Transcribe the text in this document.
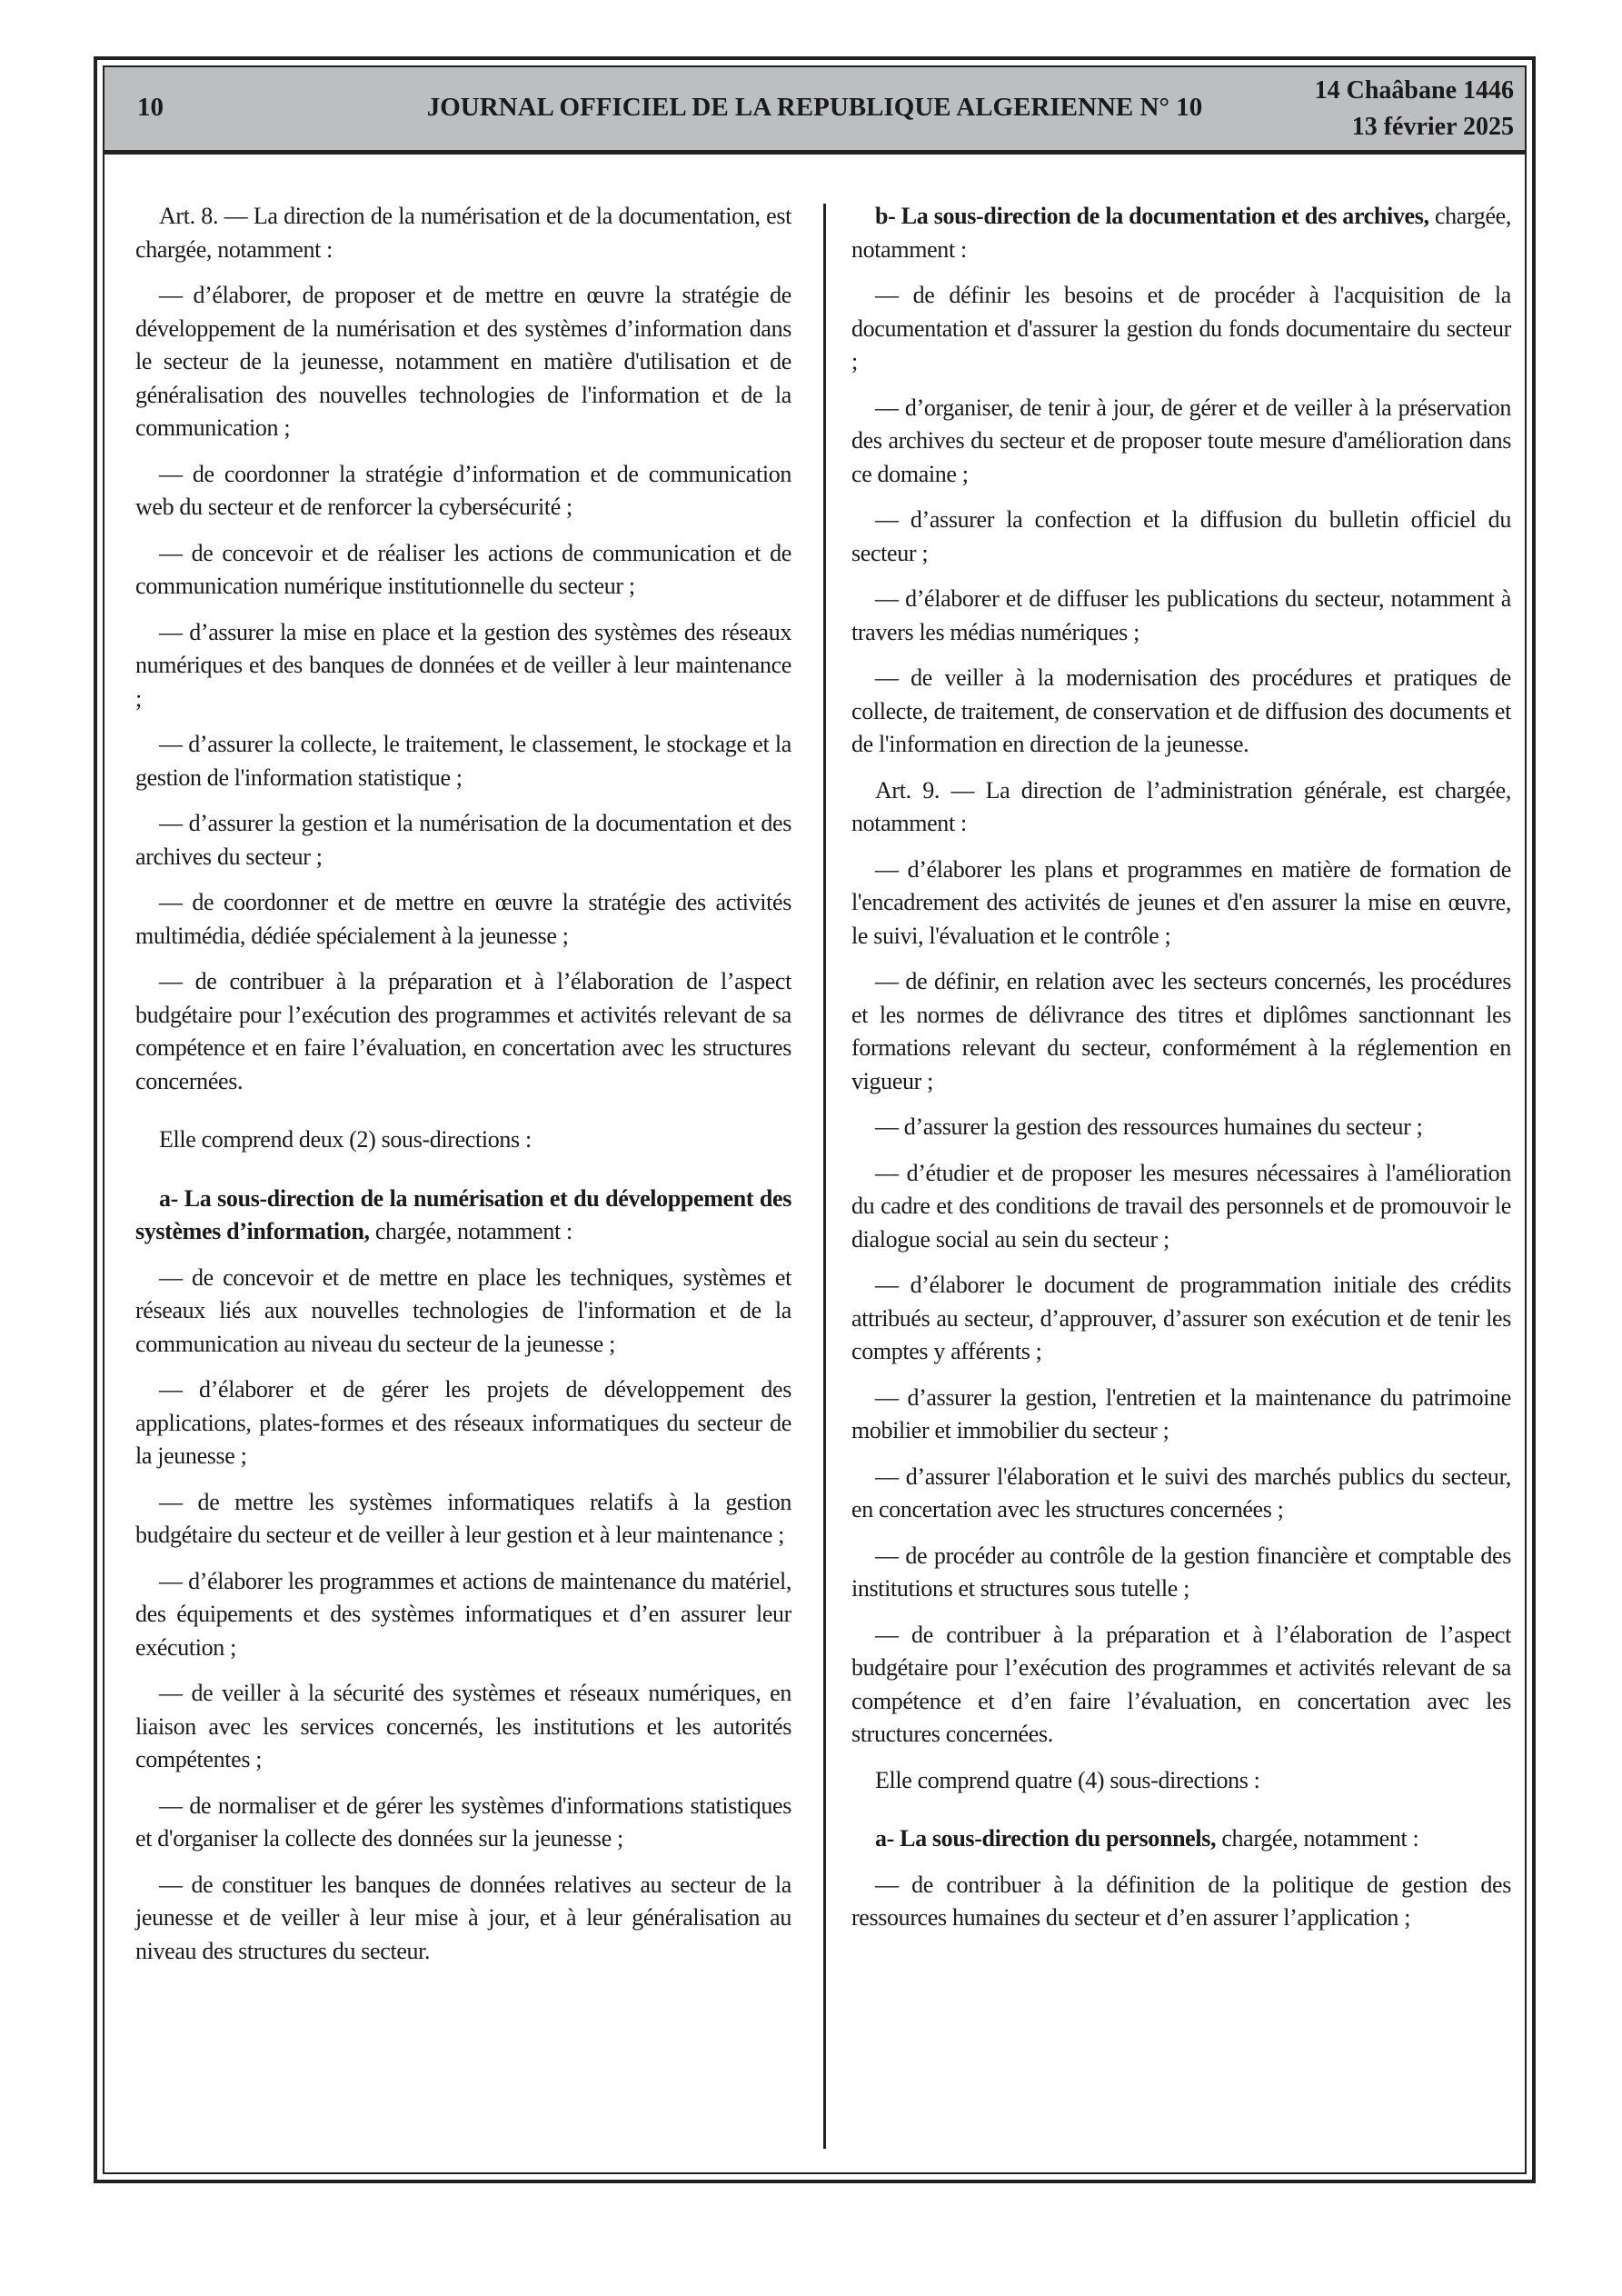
10	JOURNAL OFFICIEL DE LA REPUBLIQUE ALGERIENNE N° 10
14 Chaâbane 1446
13 février 2025

Art. 8. — La direction de la numérisation et de la documentation, est chargée, notamment :

— d’élaborer, de proposer et de mettre en œuvre la stratégie de développement de la numérisation et des systèmes d’information dans le secteur de la jeunesse, notamment en matière d'utilisation et de généralisation des nouvelles technologies de l'information et de la communication ;

— de coordonner la stratégie d’information et de communication web du secteur et de renforcer la cybersécurité ;

— de concevoir et de réaliser les actions de communication et de communication numérique institutionnelle du secteur ;

— d’assurer la mise en place et la gestion des systèmes des réseaux numériques et des banques de données et de veiller à leur maintenance ;

— d’assurer la collecte, le traitement, le classement, le stockage et la gestion de l'information statistique ;

— d’assurer la gestion et la numérisation de la documentation et des archives du secteur ;

— de coordonner et de mettre en œuvre la stratégie des activités multimédia, dédiée spécialement à la jeunesse ;

— de contribuer à la préparation et à l’élaboration de l’aspect budgétaire pour l’exécution des programmes et activités relevant de sa compétence et en faire l’évaluation, en concertation avec les structures concernées.

Elle comprend deux (2) sous-directions :

a- La sous-direction de la numérisation et du développement des systèmes d’information, chargée, notamment :

— de concevoir et de mettre en place les techniques, systèmes et réseaux liés aux nouvelles technologies de l'information et de la communication au niveau du secteur de la jeunesse ;

— d’élaborer et de gérer les projets de développement des applications, plates-formes et des réseaux informatiques du secteur de la jeunesse ;

— de mettre les systèmes informatiques relatifs à la gestion budgétaire du secteur et de veiller à leur gestion et à leur maintenance ;

— d’élaborer les programmes et actions de maintenance du matériel, des équipements et des systèmes informatiques et d’en assurer leur exécution ;

— de veiller à la sécurité des systèmes et réseaux numériques, en liaison avec les services concernés, les institutions et les autorités compétentes ;

— de normaliser et de gérer les systèmes d'informations statistiques et d'organiser la collecte des données sur la jeunesse ;

— de constituer les banques de données relatives au secteur de la jeunesse et de veiller à leur mise à jour, et à leur généralisation au niveau des structures du secteur.

b- La sous-direction de la documentation et des archives, chargée, notamment :

— de définir les besoins et de procéder à l'acquisition de la documentation et d'assurer la gestion du fonds documentaire du secteur ;

— d’organiser, de tenir à jour, de gérer et de veiller à la préservation des archives du secteur et de proposer toute mesure d'amélioration dans ce domaine ;

— d’assurer la confection et la diffusion du bulletin officiel du secteur ;

— d’élaborer et de diffuser les publications du secteur, notamment à travers les médias numériques ;

— de veiller à la modernisation des procédures et pratiques de collecte, de traitement, de conservation et de diffusion des documents et de l'information en direction de la jeunesse.

Art. 9. — La direction de l’administration générale, est chargée, notamment :

— d’élaborer les plans et programmes en matière de formation de l'encadrement des activités de jeunes et d'en assurer la mise en œuvre, le suivi, l'évaluation et le contrôle ;

— de définir, en relation avec les secteurs concernés, les procédures et les normes de délivrance des titres et diplômes sanctionnant les formations relevant du secteur, conformément à la réglemention en vigueur ;

— d’assurer la gestion des ressources humaines du secteur ;

— d’étudier et de proposer les mesures nécessaires à l'amélioration du cadre et des conditions de travail des personnels et de promouvoir le dialogue social au sein du secteur ;

— d’élaborer le document de programmation initiale des crédits attribués au secteur, d’approuver, d’assurer son exécution et de tenir les comptes y afférents ;

— d’assurer la gestion, l'entretien et la maintenance du patrimoine mobilier et immobilier du secteur ;

— d’assurer l'élaboration et le suivi des marchés publics du secteur, en concertation avec les structures concernées ;

— de procéder au contrôle de la gestion financière et comptable des institutions et structures sous tutelle ;

— de contribuer à la préparation et à l’élaboration de l’aspect budgétaire pour l’exécution des programmes et activités relevant de sa compétence et d’en faire l’évaluation, en concertation avec les structures concernées.

Elle comprend quatre (4) sous-directions :

a- La sous-direction du personnels, chargée, notamment :

— de contribuer à la définition de la politique de gestion des ressources humaines du secteur et d’en assurer l’application ;
